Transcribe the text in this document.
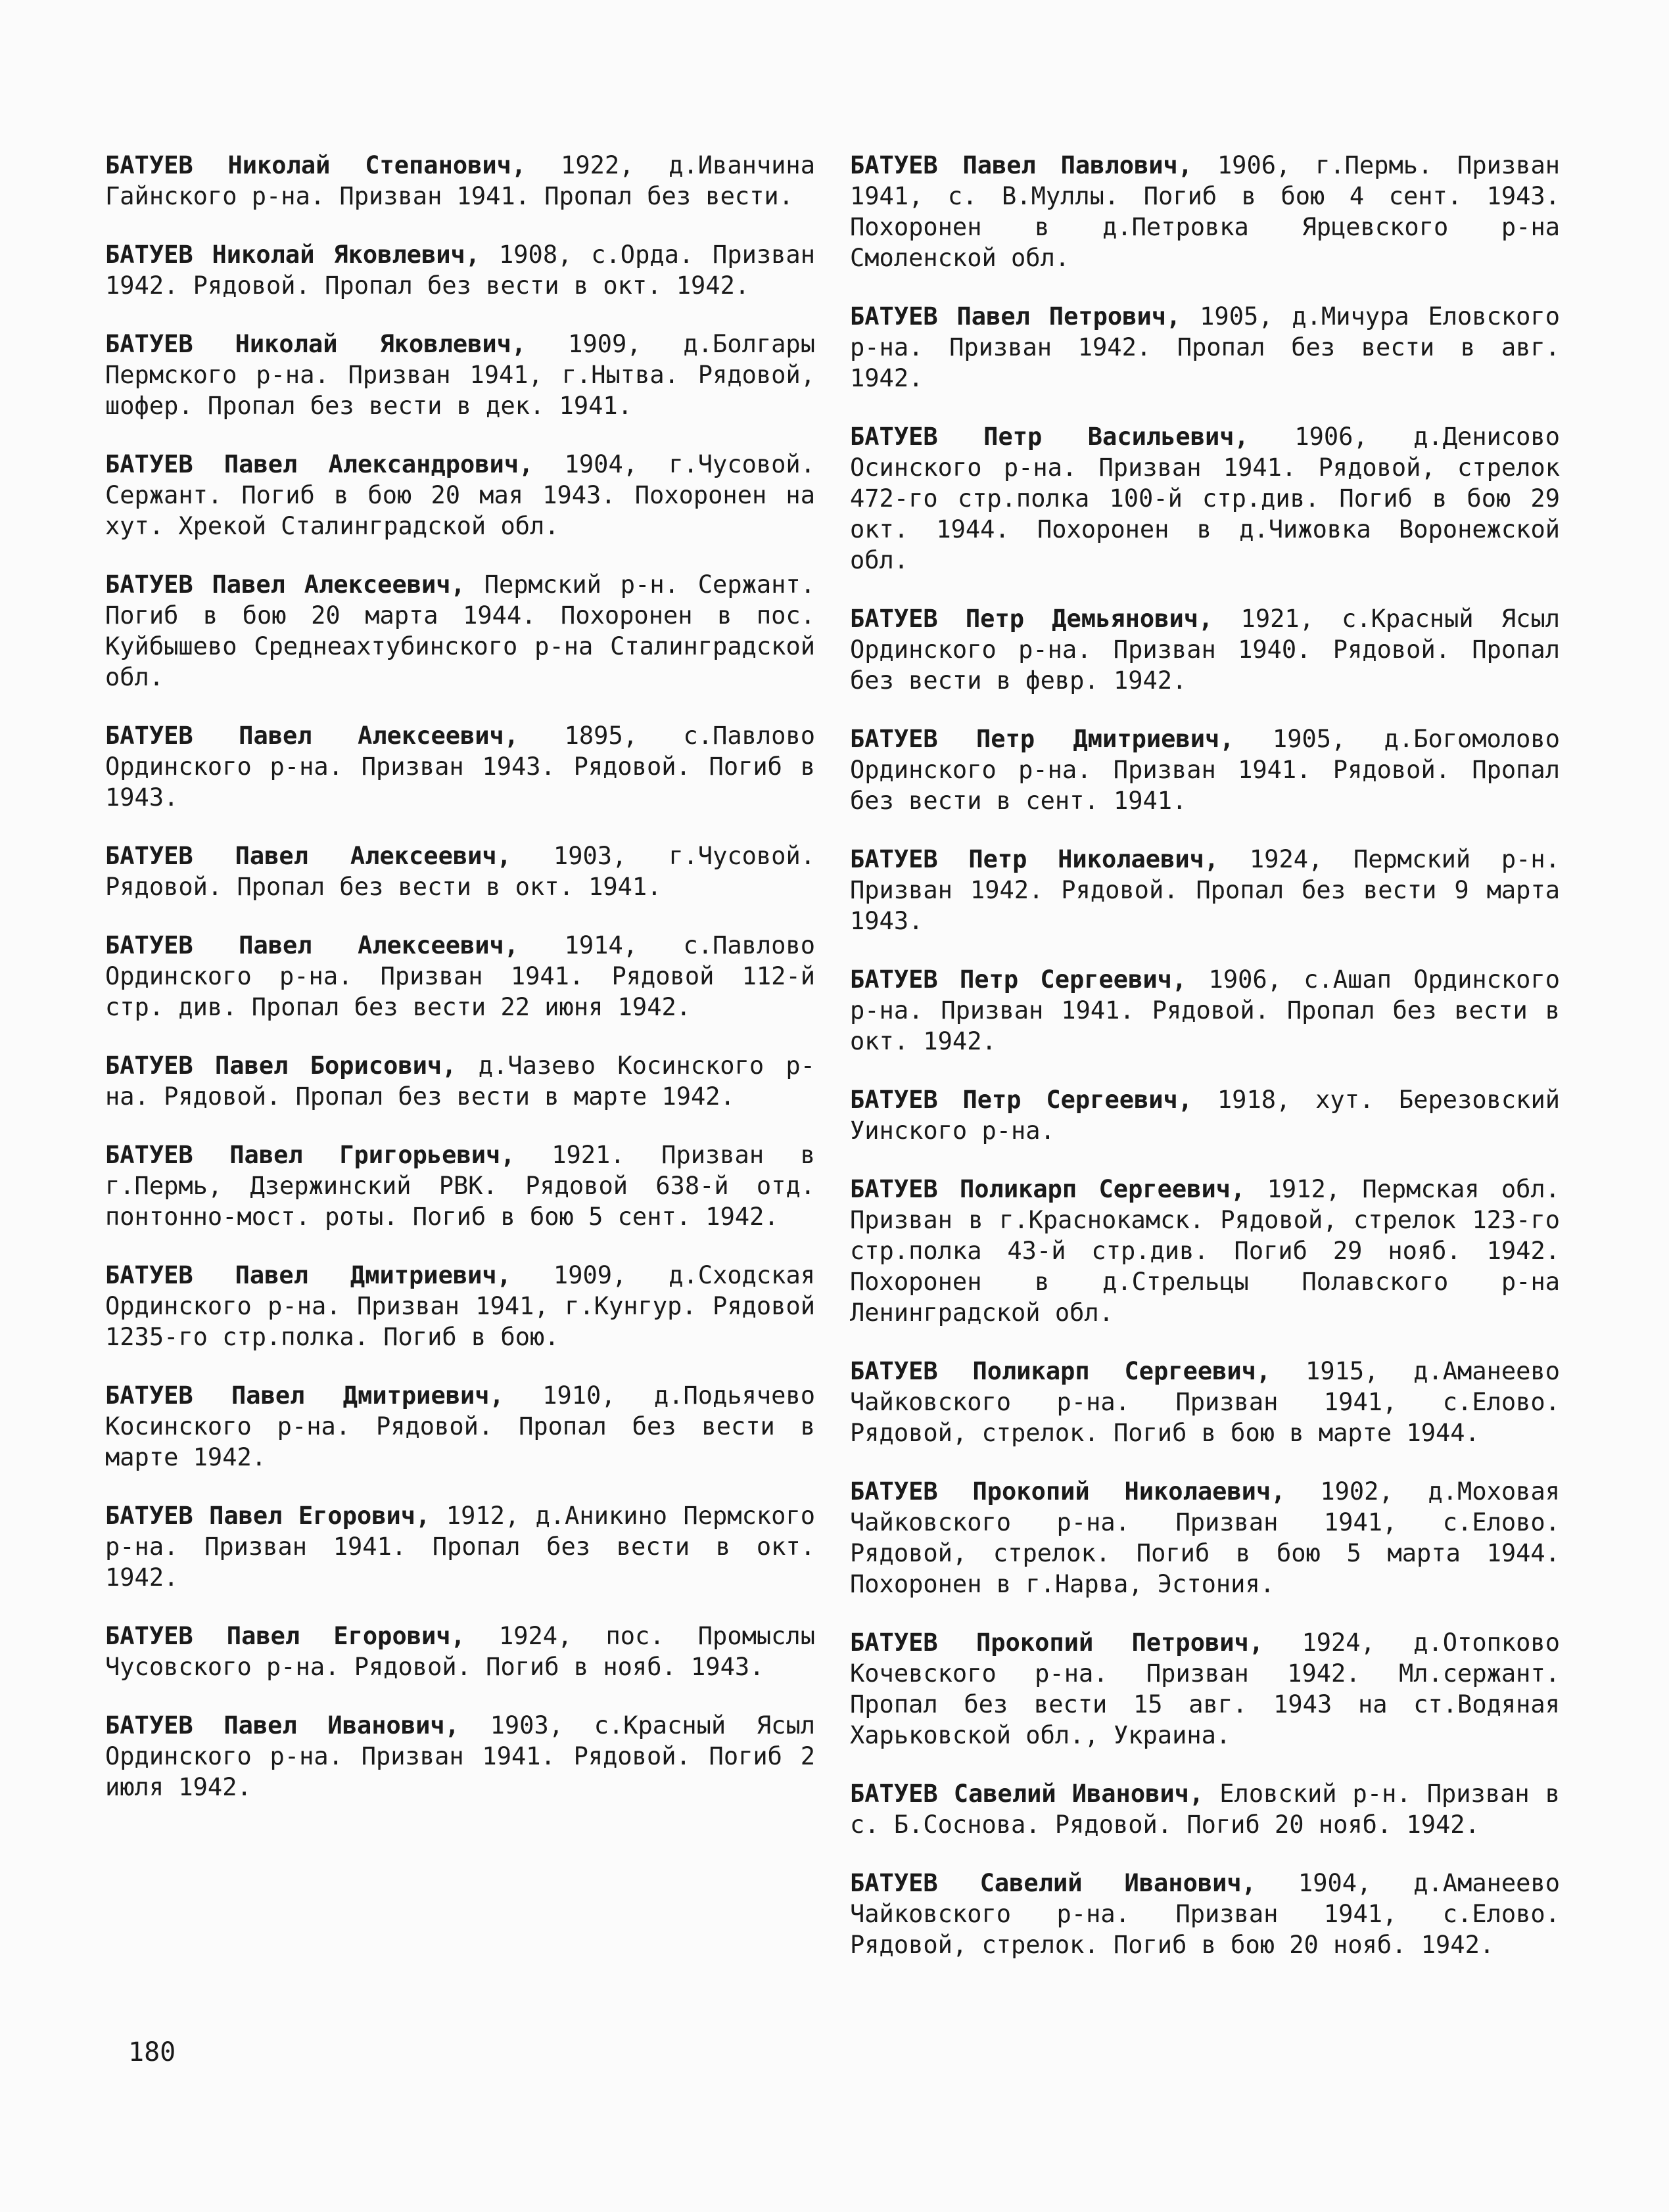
БАТУЕВ Николай Степанович, 1922, д.Иванчина Гайнского р-на. Призван 1941. Пропал без вести.

БАТУЕВ Николай Яковлевич, 1908, с.Орда. Призван 1942. Рядовой. Пропал без вести в окт. 1942.

БАТУЕВ Николай Яковлевич, 1909, д.Болгары Пермского р-на. Призван 1941, г.Нытва. Рядовой, шофер. Пропал без вести в дек. 1941.

БАТУЕВ Павел Александрович, 1904, г.Чусовой. Сержант. Погиб в бою 20 мая 1943. Похоронен на хут. Хрекой Сталинградской обл.

БАТУЕВ Павел Алексеевич, Пермский р-н. Сержант. Погиб в бою 20 марта 1944. Похоронен в пос. Куйбышево Среднеахтубинского р-на Сталинградской обл.

БАТУЕВ Павел Алексеевич, 1895, с.Павлово Ординского р-на. Призван 1943. Рядовой. Погиб в 1943.

БАТУЕВ Павел Алексеевич, 1903, г.Чусовой. Рядовой. Пропал без вести в окт. 1941.

БАТУЕВ Павел Алексеевич, 1914, с.Павлово Ординского р-на. Призван 1941. Рядовой 112-й стр. див. Пропал без вести 22 июня 1942.

БАТУЕВ Павел Борисович, д.Чазево Косинского р-на. Рядовой. Пропал без вести в марте 1942.

БАТУЕВ Павел Григорьевич, 1921. Призван в г.Пермь, Дзержинский РВК. Рядовой 638-й отд. понтонно-мост. роты. Погиб в бою 5 сент. 1942.

БАТУЕВ Павел Дмитриевич, 1909, д.Сходская Ординского р-на. Призван 1941, г.Кунгур. Рядовой 1235-го стр.полка. Погиб в бою.

БАТУЕВ Павел Дмитриевич, 1910, д.Подьячево Косинского р-на. Рядовой. Пропал без вести в марте 1942.

БАТУЕВ Павел Егорович, 1912, д.Аникино Пермского р-на. Призван 1941. Пропал без вести в окт. 1942.

БАТУЕВ Павел Егорович, 1924, пос. Промыслы Чусовского р-на. Рядовой. Погиб в нояб. 1943.

БАТУЕВ Павел Иванович, 1903, с.Красный Ясыл Ординского р-на. Призван 1941. Рядовой. Погиб 2 июля 1942.

БАТУЕВ Павел Павлович, 1906, г.Пермь. Призван 1941, с. В.Муллы. Погиб в бою 4 сент. 1943. Похоронен в д.Петровка Ярцевского р-на Смоленской обл.

БАТУЕВ Павел Петрович, 1905, д.Мичура Еловского р-на. Призван 1942. Пропал без вести в авг. 1942.

БАТУЕВ Петр Васильевич, 1906, д.Денисово Осинского р-на. Призван 1941. Рядовой, стрелок 472-го стр.полка 100-й стр.див. Погиб в бою 29 окт. 1944. Похоронен в д.Чижовка Воронежской обл.

БАТУЕВ Петр Демьянович, 1921, с.Красный Ясыл Ординского р-на. Призван 1940. Рядовой. Пропал без вести в февр. 1942.

БАТУЕВ Петр Дмитриевич, 1905, д.Богомолово Ординского р-на. Призван 1941. Рядовой. Пропал без вести в сент. 1941.

БАТУЕВ Петр Николаевич, 1924, Пермский р-н. Призван 1942. Рядовой. Пропал без вести 9 марта 1943.

БАТУЕВ Петр Сергеевич, 1906, с.Ашап Ординского р-на. Призван 1941. Рядовой. Пропал без вести в окт. 1942.

БАТУЕВ Петр Сергеевич, 1918, хут. Березовский Уинского р-на.

БАТУЕВ Поликарп Сергеевич, 1912, Пермская обл. Призван в г.Краснокамск. Рядовой, стрелок 123-го стр.полка 43-й стр.див. Погиб 29 нояб. 1942. Похоронен в д.Стрельцы Полавского р-на Ленинградской обл.

БАТУЕВ Поликарп Сергеевич, 1915, д.Аманеево Чайковского р-на. Призван 1941, с.Елово. Рядовой, стрелок. Погиб в бою в марте 1944.

БАТУЕВ Прокопий Николаевич, 1902, д.Моховая Чайковского р-на. Призван 1941, с.Елово. Рядовой, стрелок. Погиб в бою 5 марта 1944. Похоронен в г.Нарва, Эстония.

БАТУЕВ Прокопий Петрович, 1924, д.Отопково Кочевского р-на. Призван 1942. Мл.сержант. Пропал без вести 15 авг. 1943 на ст.Водяная Харьковской обл., Украина.

БАТУЕВ Савелий Иванович, Еловский р-н. Призван в с. Б.Соснова. Рядовой. Погиб 20 нояб. 1942.

БАТУЕВ Савелий Иванович, 1904, д.Аманеево Чайковского р-на. Призван 1941, с.Елово. Рядовой, стрелок. Погиб в бою 20 нояб. 1942.

180
